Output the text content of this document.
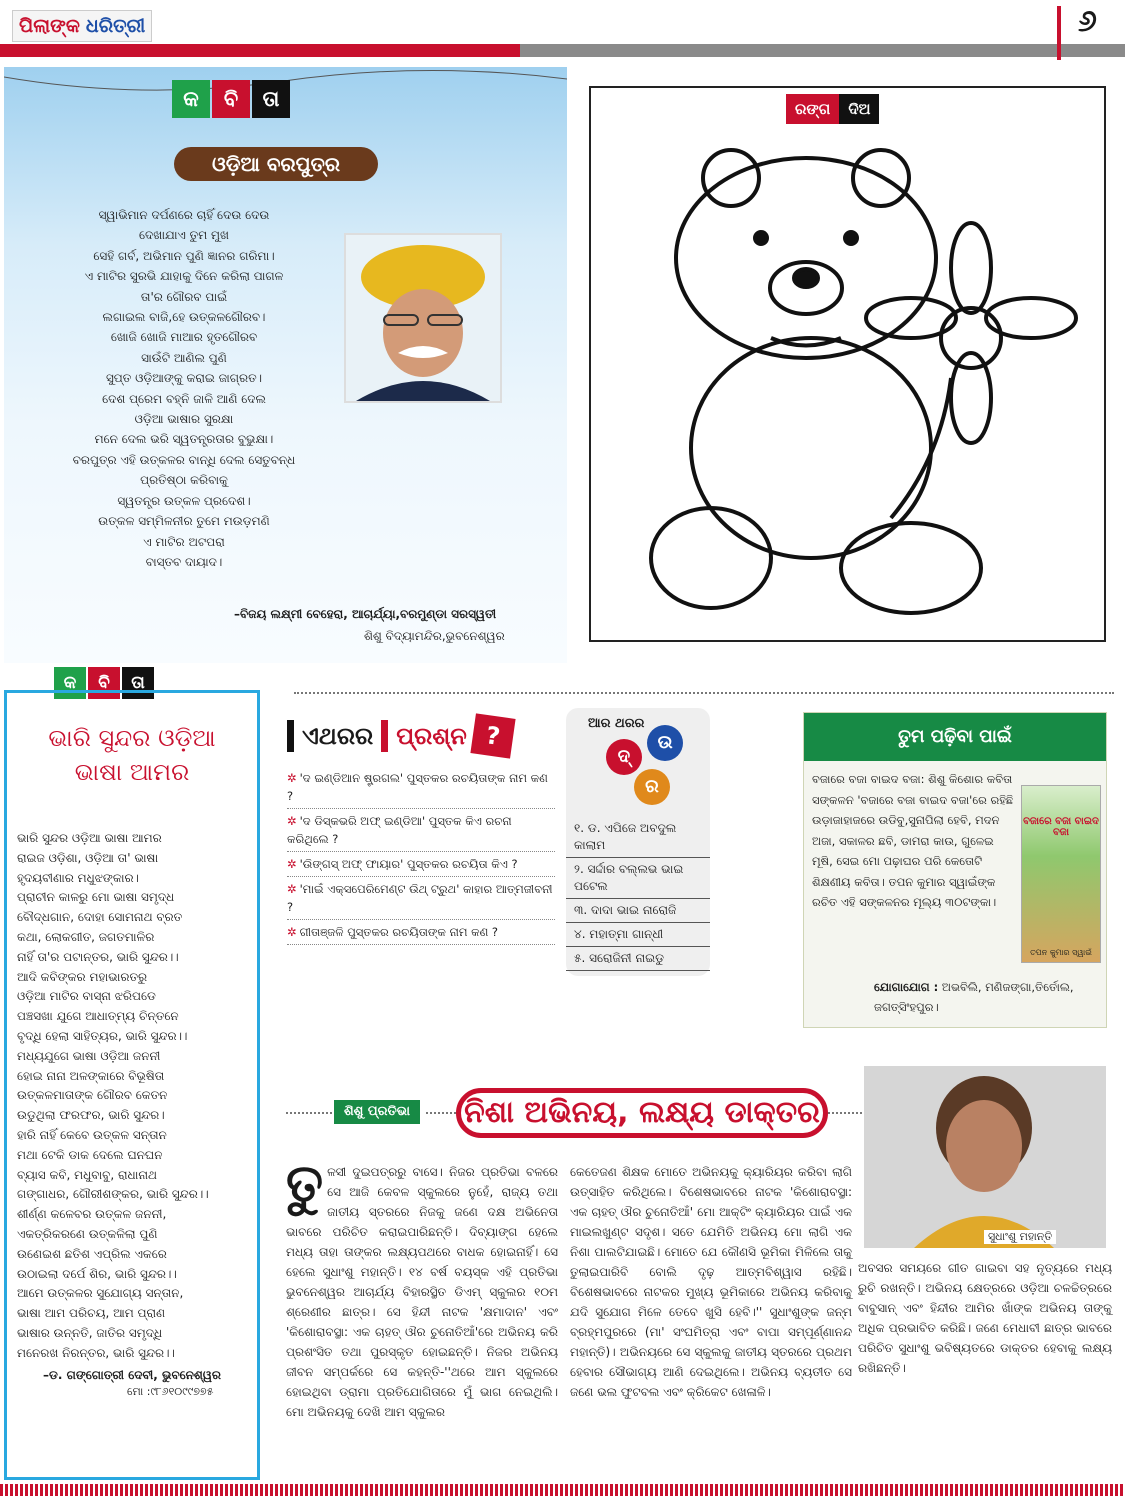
ପିଲାଙ୍କ ଧରିତ୍ରୀ	୬
କ ବି ତା
ଓଡ଼ିଆ ବରପୁତ୍ର
ସ୍ୱାଭିମାନ ଦର୍ପଣରେ ଚାହିଁ ଦେଉ ଦେଉ
ଦେଖାଯାଏ ତୁମ ମୁଖ
ସେହି ଗର୍ବ, ଅଭିମାନ ପୁଣି ଜ୍ଞାନର ଗରିମା।
ଏ ମାଟିର ସୁରଭି ଯାହାକୁ ଦିନେ କରିଲା ପାଗଳ
ତା'ର ଗୌରବ ପାଇଁ
ଲଗାଇଲ ବାଜି,ହେ ଉତ୍କଳଗୌରବ।
ଖୋଜି ଖୋଜି ମାଆର ହୃତଗୌରବ
ସାଉଁଟି ଆଣିଲ ପୁଣି
ସୁପ୍ତ ଓଡ଼ିଆଙ୍କୁ କରାଇ ଜାଗ୍ରତ।
ଦେଶ ପ୍ରେମ ବହ୍ନି ଜାଳି ଆଣି ଦେଲ
ଓଡ଼ିଆ ଭାଷାର ସୁରକ୍ଷା
ମନେ ଦେଲ ଭରି ସ୍ୱତନ୍ତ୍ରତାର ବୁଭୁକ୍ଷା।
ବରପୁତ୍ର ଏହି ଉତ୍କଳର ବାନ୍ଧି ଦେଲ ସେତୁବନ୍ଧ
ପ୍ରତିଷ୍ଠା କରିବାକୁ
ସ୍ୱତନ୍ତ୍ର ଉତ୍କଳ ପ୍ରଦେଶ।
ଉତ୍କଳ ସମ୍ମିଳନୀର ତୁମେ ମଉଡ଼ମଣି
ଏ ମାଟିର ଅଟପରା
ବାସ୍ତବ ଦାୟାଦ।
–ବିଜୟ ଲକ୍ଷ୍ମୀ ବେହେରା, ଆଚାର୍ଯ୍ୟା,ବରମୁଣ୍ଡା ସରସ୍ୱତୀ
ଶିଶୁ ବିଦ୍ୟାମନ୍ଦିର,ଭୁବନେଶ୍ୱର
ରଙ୍ଗ	ଦିଅ
କ ବି ତା
ଭାରି ସୁନ୍ଦର ଓଡ଼ିଆ
ଭାଷା ଆମର
ଭାରି ସୁନ୍ଦର ଓଡ଼ିଆ ଭାଷା ଆମର
ରାଇଜ ଓଡ଼ିଶା, ଓଡ଼ିଆ ତା' ଭାଷା
ହୃଦୟବୀଣାର ମଧୁଝଙ୍କାର।
ପ୍ରାଚୀନ କାଳରୁ ମୋ ଭାଷା ସମୃଦ୍ଧ
ବୌଦ୍ଧଗାନ, ଦୋହା ସୋମନାଥ ବ୍ରତ
କଥା, ଲୋକଗୀତ, ଜଗତମାଳିର
ନାହିଁ ତା'ର ପଟାନ୍ତର, ଭାରି ସୁନ୍ଦର।।
ଆଦି କବିଙ୍କର ମହାଭାରତରୁ
ଓଡ଼ିଆ ମାଟିର ବାସ୍ନା ଝରିପଡେ
ପଞ୍ଚସଖା ଯୁଗେ ଆଧାତ୍ମ୍ୟ ଚିନ୍ତନେ
ବୃଦ୍ଧି ହେଲା ସାହିତ୍ୟର, ଭାରି ସୁନ୍ଦର।।
ମଧ୍ୟଯୁଗେ ଭାଷା ଓଡ଼ିଆ ଜନନୀ
ହୋଇ ନାନା ଅଳଙ୍କାରେ ବିଭୂଷିତା
ଉତ୍କଳମାତାଙ୍କ ଗୌରବ କେତନ
ଉଡୁଥିଲା ଫରଫର, ଭାରି ସୁନ୍ଦର।
ହାରି ନାହିଁ କେବେ ଉତ୍କଳ ସନ୍ତାନ
ମଥା ଟେକି ଡାକ ଦେଲେ ଘନଘନ
ବ୍ୟାସ କବି, ମଧୁବାବୁ, ରାଧାନାଥ
ଗଙ୍ଗାଧର, ଗୌରୀଶଙ୍କର, ଭାରି ସୁନ୍ଦର।।
ଶୀର୍ଣ୍ଣ କଳେବର ଉତ୍କଳ ଜନନୀ,
ଏକତ୍ରିକରଣେ ଉତ୍କଳିଲା ପୁଣି
ଉଣେଇଶ ଛତିଶ ଏପ୍ରିଲ ଏକରେ
ଉଠାଇଲା ଦର୍ପେ ଶିର, ଭାରି ସୁନ୍ଦର।।
ଆମେ ଉତ୍କଳର ସୁଯୋଗ୍ୟ ସନ୍ତାନ,
ଭାଷା ଆମ ପରିଚୟ, ଆମ ପ୍ରାଣ
ଭାଷାର ଉନ୍ନତି, ଜାତିର ସମୃଦ୍ଧି
ମନେରଖ ନିରନ୍ତର, ଭାରି ସୁନ୍ଦର।।
–ଡ. ଗଙ୍ଗୋତ୍ରୀ ଦେବୀ, ଭୁବନେଶ୍ୱର
ମୋ :୯୮୬୧୦୯୯୭୭୫
ଏଥରର ପ୍ରଶ୍ନ ?
✲ 'ଦ ଇଣ୍ଡିଆନ ଷ୍ଟ୍ରଗଲ' ପୁସ୍ତକର ରଚୟିତାଙ୍କ ନାମ କଣ ?
✲ 'ଦ ଡିସ୍କଭରି ଅଫ୍ ଇଣ୍ଡିଆ' ପୁସ୍ତକ କିଏ ରଚନା କରିଥିଲେ ?
✲ 'ଉିଙ୍ଗସ୍ ଅଫ୍ ଫାୟାର' ପୁସ୍ତକର ରଚୟିତା କିଏ ?
✲ 'ମାଇଁ ଏକ୍ସପେରିମେଣ୍ଟ ଉିଥ୍ ଟ୍ରୁଥ' କାହାର ଆତ୍ମଜୀବନୀ ?
✲ ଗୀତାଞ୍ଜଳି ପୁସ୍ତକର ରଚୟିତାଙ୍କ ନାମ କଣ ?
ଆର ଥରର
ଦ୍ ଉ
ର
୧. ଡ. ଏପିଜେ ଅବଦୁଲ କାଲାମ
୨. ସର୍ଦ୍ଦାର ବଲ୍ଲଭ ଭାଇ ପଟେଲ
୩. ଦାଦା ଭାଇ ନାରୋଜି
୪. ମହାତ୍ମା ଗାନ୍ଧୀ
୫. ସରୋଜିନୀ ନାଇଡୁ
ତୁମ ପଢ଼ିବା ପାଇଁ
ବଜାରେ ବଜା ବାଇଦ ବଜା: ଶିଶୁ କିଶୋର କବିତା ସଙ୍କଳନ 'ବଜାରେ ବଜା ବାଇଦ ବଜା'ରେ ରହିଛି ଉଡ଼ାଜାହାଜରେ ଉଡିବୁ,ସୁନାପିଲା ହେବି, ମଦନ ଅଜା, ସକାଳର ଛବି, ଡାମରା କାଉ, ଗୁଳେଇ ମୂଷି, ସେଇ ମୋ ପଢ଼ାଘର ପରି କେତୋଟି ଶିକ୍ଷଣୀୟ କବିତା। ତପନ କୁମାର ସ୍ୱାଇଁଙ୍କ ରଚିତ ଏହି ସଙ୍କଳନର ମୂଲ୍ୟ ୩୦ଟଙ୍କା।
ବଜାରେ ବଜା ବାଇଦ ବଜା
ତପନ କୁମାର ସ୍ୱାଇଁ
ଯୋଗାଯୋଗ : ଅଭବିଲି, ମଣିଜଙ୍ଗା,ତିର୍ତୋଲ, ଜଗତ୍‌ସିଂହପୁର।
ଶିଶୁ ପ୍ରତିଭା	ନିଶା ଅଭିନୟ, ଲକ୍ଷ୍ୟ ଡାକ୍ତର
ସୁଧାଂଶୁ ମହାନ୍ତି
ତୁଳସୀ ଦୁଇପତ୍ରରୁ ବାସେ। ନିଜର ପ୍ରତିଭା ବଳରେ ସେ ଆଜି କେବଳ ସ୍କୁଲରେ ନୁହେଁ, ରାଜ୍ୟ ତଥା ଜାତୀୟ ସ୍ତରରେ ନିଜକୁ ଜଣେ ଦକ୍ଷ ଅଭିନେତା ଭାବରେ ପରିଚିତ କରାଇପାରିଛନ୍ତି। ଦିବ୍ୟାଙ୍ଗ ହେଲେ ମଧ୍ୟ ତାହା ତାଙ୍କର ଲକ୍ଷ୍ୟପଥରେ ବାଧକ ହୋଇନାହିଁ। ସେ ହେଲେ ସୁଧାଂଶୁ ମହାନ୍ତି। ୧୪ ବର୍ଷ ବୟସ୍କ ଏହି ପ୍ରତିଭା ଭୁବନେଶ୍ୱର ଆଚାର୍ଯ୍ୟ ବିହାରସ୍ଥିତ ଡିଏମ୍ ସ୍କୁଲର ୧୦ମ ଶ୍ରେଣୀର ଛାତ୍ର। ସେ ହିନ୍ଦୀ ନାଟକ 'କ୍ଷମାଦାନ' ଏବଂ 'କିଶୋରାବସ୍ଥା: ଏକ ଚାହତ୍ ଔର ଚୁନୋତିଆଁ'ରେ ଅଭିନୟ କରି ପ୍ରଶଂସିତ ତଥା ପୁରସ୍କୃତ ହୋଇଛନ୍ତି। ନିଜର ଅଭିନୟ ଜୀବନ ସମ୍ପର୍କରେ ସେ କହନ୍ତି-''ଥରେ ଆମ ସ୍କୁଲରେ ହୋଇଥିବା ଡ୍ରାମା ପ୍ରତିଯୋଗିତାରେ ମୁଁ ଭାଗ ନେଇଥିଲି। ମୋ ଅଭିନୟକୁ ଦେଖି ଆମ ସ୍କୁଲର
କେତେଜଣ ଶିକ୍ଷକ ମୋତେ ଅଭିନୟକୁ କ୍ୟାରିୟର କରିବା ଲାଗି ଉତ୍ସାହିତ କରିଥିଲେ। ବିଶେଷଭାବରେ ନାଟକ 'କିଶୋରାବସ୍ଥା: ଏକ ଚାହତ୍ ଔର ଚୁନୋତିଆଁ' ମୋ ଆକ୍ଟିଂ କ୍ୟାରିୟର ପାଇଁ ଏକ ମାଇଲଖୁଣ୍ଟ ସଦୃଶ। ସତେ ଯେମିତି ଅଭିନୟ ମୋ ଲାଗି ଏକ ନିଶା ପାଲଟିଯାଇଛି। ମୋତେ ଯେ କୌଣସି ଭୂମିକା ମିଳିଲେ ତାକୁ ତୁଲାଇପାରିବି ବୋଲି ଦୃଢ଼ ଆତ୍ମବିଶ୍ୱାସ ରହିଛି। ବିଶେଷଭାବରେ ନାଟକର ମୁଖ୍ୟ ଭୂମିକାରେ ଅଭିନୟ କରିବାକୁ ଯଦି ସୁଯୋଗ ମିଳେ ତେବେ ଖୁସି ହେବି।'' ସୁଧାଂଶୁଙ୍କ ଜନ୍ମ ବ୍ରହ୍ମପୁରରେ (ମା' ସଂଘମିତ୍ରା ଏବଂ ବାପା ସମ୍ପୂର୍ଣ୍ଣାନନ୍ଦ ମହାନ୍ତି)। ଅଭିନୟରେ ସେ ସ୍କୁଲକୁ ଜାତୀୟ ସ୍ତରରେ ପ୍ରଥମ ହେବାର ସୌଭାଗ୍ୟ ଆଣି ଦେଇଥିଲେ। ଅଭିନୟ ବ୍ୟତୀତ ସେ ଜଣେ ଭଲ ଫୁଟବଲ ଏବଂ କ୍ରିକେଟ ଖେଳାଳି।
ଅବସର ସମୟରେ ଗୀତ ଗାଇବା ସହ ନୃତ୍ୟରେ ମଧ୍ୟ ରୁଚି ରଖନ୍ତି। ଅଭିନୟ କ୍ଷେତ୍ରରେ ଓଡ଼ିଆ ଚଳଚ୍ଚିତ୍ରରେ ବାବୁସାନ୍ ଏବଂ ହିନ୍ଦୀର ଆମିର ଖାଁଙ୍କ ଅଭିନୟ ତାଙ୍କୁ ଅଧିକ ପ୍ରଭାବିତ କରିଛି। ଜଣେ ମେଧାବୀ ଛାତ୍ର ଭାବରେ ପରିଚିତ ସୁଧାଂଶୁ ଭବିଷ୍ୟତରେ ଡାକ୍ତର ହେବାକୁ ଲକ୍ଷ୍ୟ ରଖିଛନ୍ତି।
